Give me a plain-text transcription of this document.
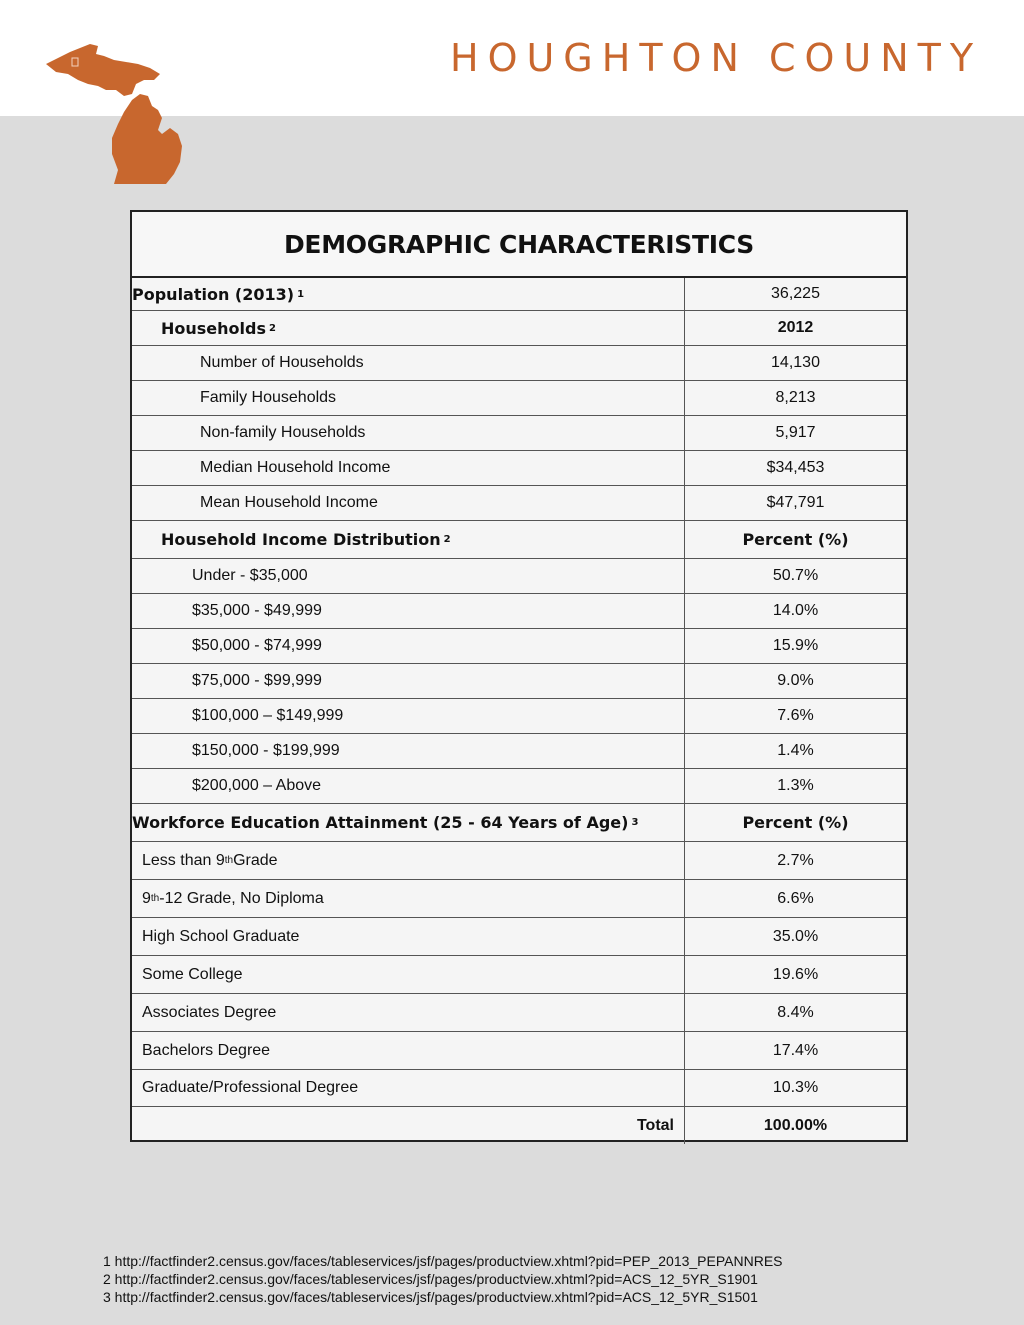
HOUGHTON COUNTY
DEMOGRAPHIC CHARACTERISTICS
Population (2013) 1	36,225
Households 2	2012
Number of Households	14,130
Family Households	8,213
Non-family Households	5,917
Median Household Income	$34,453
Mean Household Income	$47,791
Household Income Distribution 2	Percent (%)
Under - $35,000	50.7%
$35,000 - $49,999	14.0%
$50,000 - $74,999	15.9%
$75,000 - $99,999	9.0%
$100,000 – $149,999	7.6%
$150,000 - $199,999	1.4%
$200,000 – Above	1.3%
Workforce Education Attainment (25 - 64 Years of Age) 3	Percent (%)
Less than 9 th Grade	2.7%
9 th -12 Grade, No Diploma	6.6%
High School Graduate	35.0%
Some College	19.6%
Associates Degree	8.4%
Bachelors Degree	17.4%
Graduate/Professional Degree	10.3%
Total	100.00%
1 http://factfinder2.census.gov/faces/tableservices/jsf/pages/productview.xhtml?pid=PEP_2013_PEPANNRES
2 http://factfinder2.census.gov/faces/tableservices/jsf/pages/productview.xhtml?pid=ACS_12_5YR_S1901
3 http://factfinder2.census.gov/faces/tableservices/jsf/pages/productview.xhtml?pid=ACS_12_5YR_S1501
